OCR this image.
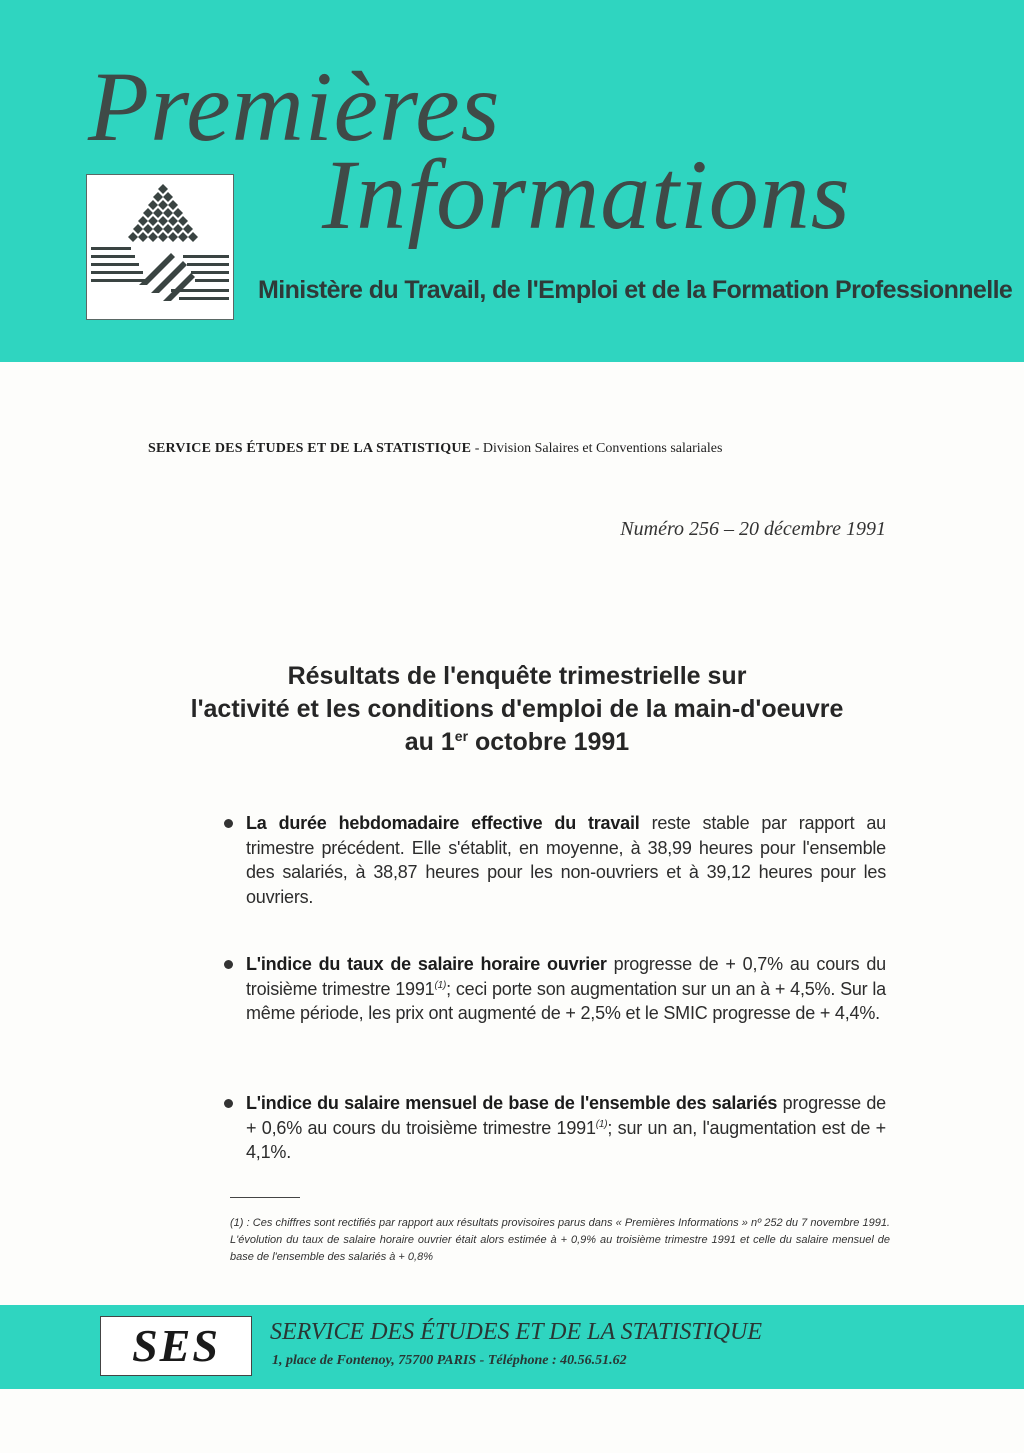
Premières
Informations
Ministère du Travail, de l'Emploi et de la Formation Professionnelle
SERVICE DES ÉTUDES ET DE LA STATISTIQUE - Division Salaires et Conventions salariales
Numéro 256 – 20 décembre 1991
Résultats de l'enquête trimestrielle sur
l'activité et les conditions d'emploi de la main-d'oeuvre
au 1er octobre 1991
La durée hebdomadaire effective du travail reste stable par rapport au trimestre précédent. Elle s'établit, en moyenne, à 38,99 heures pour l'ensemble des salariés, à 38,87 heures pour les non-ouvriers et à 39,12 heures pour les ouvriers.
L'indice du taux de salaire horaire ouvrier progresse de + 0,7% au cours du troisième trimestre 1991$^{(1)}$; ceci porte son augmentation sur un an à + 4,5%. Sur la même période, les prix ont augmenté de + 2,5% et le SMIC progresse de + 4,4%.
L'indice du salaire mensuel de base de l'ensemble des salariés progresse de + 0,6% au cours du troisième trimestre 1991$^{(1)}$; sur un an, l'augmentation est de + 4,1%.
(1) : Ces chiffres sont rectifiés par rapport aux résultats provisoires parus dans « Premières Informations » nº 252 du 7 novembre 1991. L'évolution du taux de salaire horaire ouvrier était alors estimée à + 0,9% au troisième trimestre 1991 et celle du salaire mensuel de base de l'ensemble des salariés à + 0,8%
SES SERVICE DES ÉTUDES ET DE LA STATISTIQUE
1, place de Fontenoy, 75700 PARIS - Téléphone : 40.56.51.62
